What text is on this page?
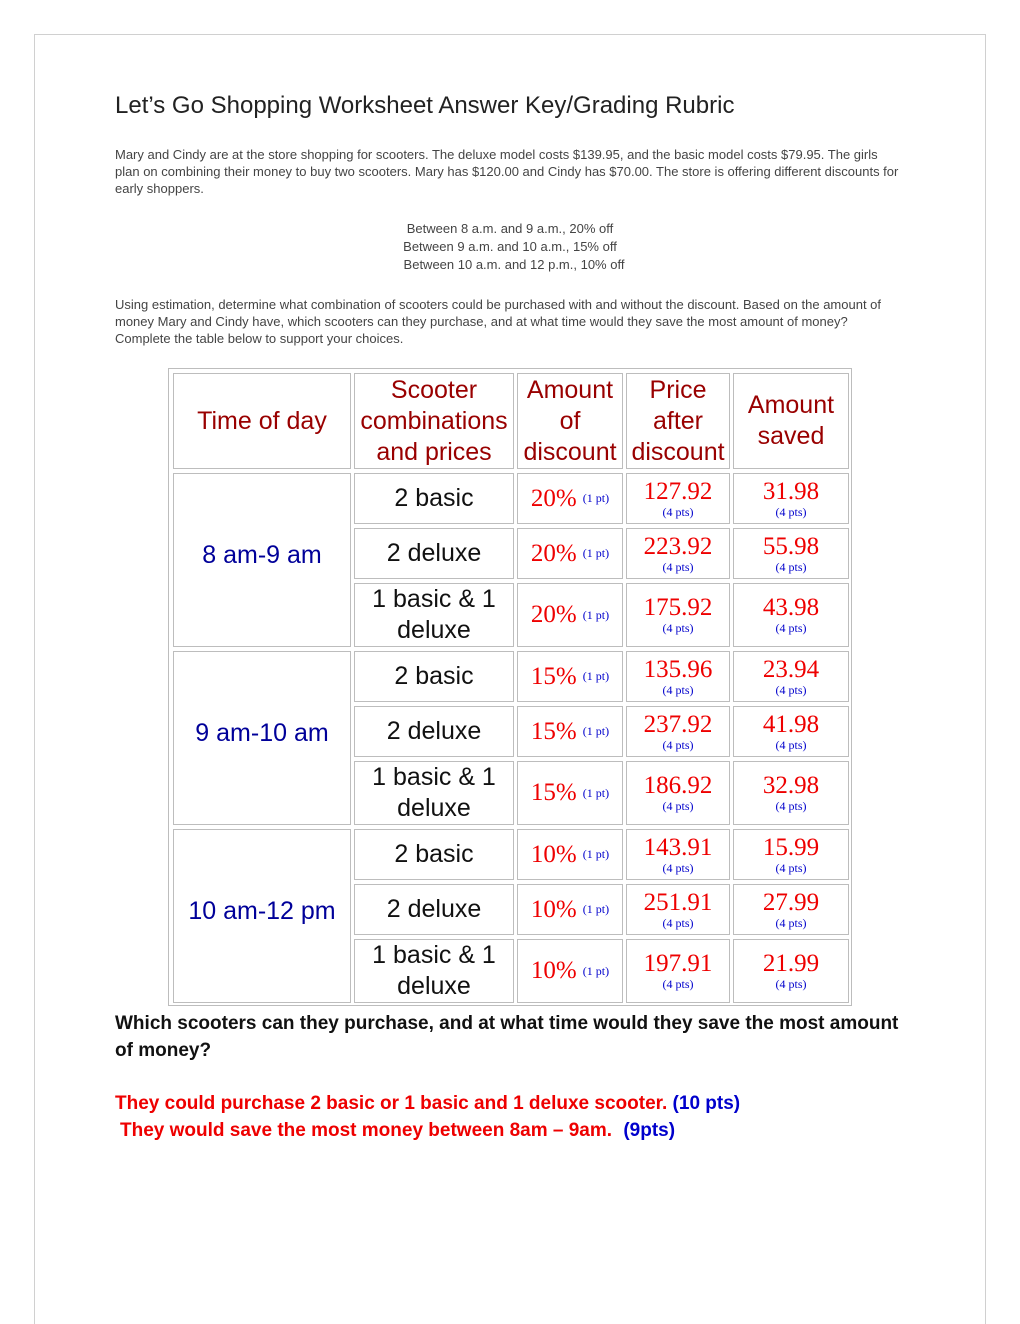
Let’s Go Shopping Worksheet Answer Key/Grading Rubric
Mary and Cindy are at the store shopping for scooters. The deluxe model costs $139.95, and the basic model costs $79.95. The girls plan on combining their money to buy two scooters. Mary has $120.00 and Cindy has $70.00. The store is offering different discounts for early shoppers.
Between 8 a.m. and 9 a.m., 20% off
Between 9 a.m. and 10 a.m., 15% off
Between 10 a.m. and 12 p.m., 10% off
Using estimation, determine what combination of scooters could be purchased with and without the discount. Based on the amount of money Mary and Cindy have, which scooters can they purchase, and at what time would they save the most amount of money? Complete the table below to support your choices.
Time of day
Scooter combinations and prices
Amount of discount
Price after discount
Amount saved
8 am-9 am
2 basic 20% (1 pt) 127.92
(4 pts)
31.98
(4 pts)
2 deluxe 20% (1 pt) 223.92
(4 pts)
55.98
(4 pts)
1 basic & 1 deluxe
20% (1 pt) 175.92
(4 pts)
43.98
(4 pts)
9 am-10 am
2 basic 15% (1 pt) 135.96
(4 pts)
23.94
(4 pts)
2 deluxe 15% (1 pt) 237.92
(4 pts)
41.98
(4 pts)
1 basic & 1 deluxe
15% (1 pt) 186.92
(4 pts)
32.98
(4 pts)
10 am-12 pm
2 basic 10% (1 pt) 143.91
(4 pts)
15.99
(4 pts)
2 deluxe 10% (1 pt) 251.91
(4 pts)
27.99
(4 pts)
1 basic & 1 deluxe
10% (1 pt) 197.91
(4 pts)
21.99
(4 pts)
Which scooters can they purchase, and at what time would they save the most amount of money?
They could purchase 2 basic or 1 basic and 1 deluxe scooter. (10 pts)
They would save the most money between 8am – 9am. (9pts)
